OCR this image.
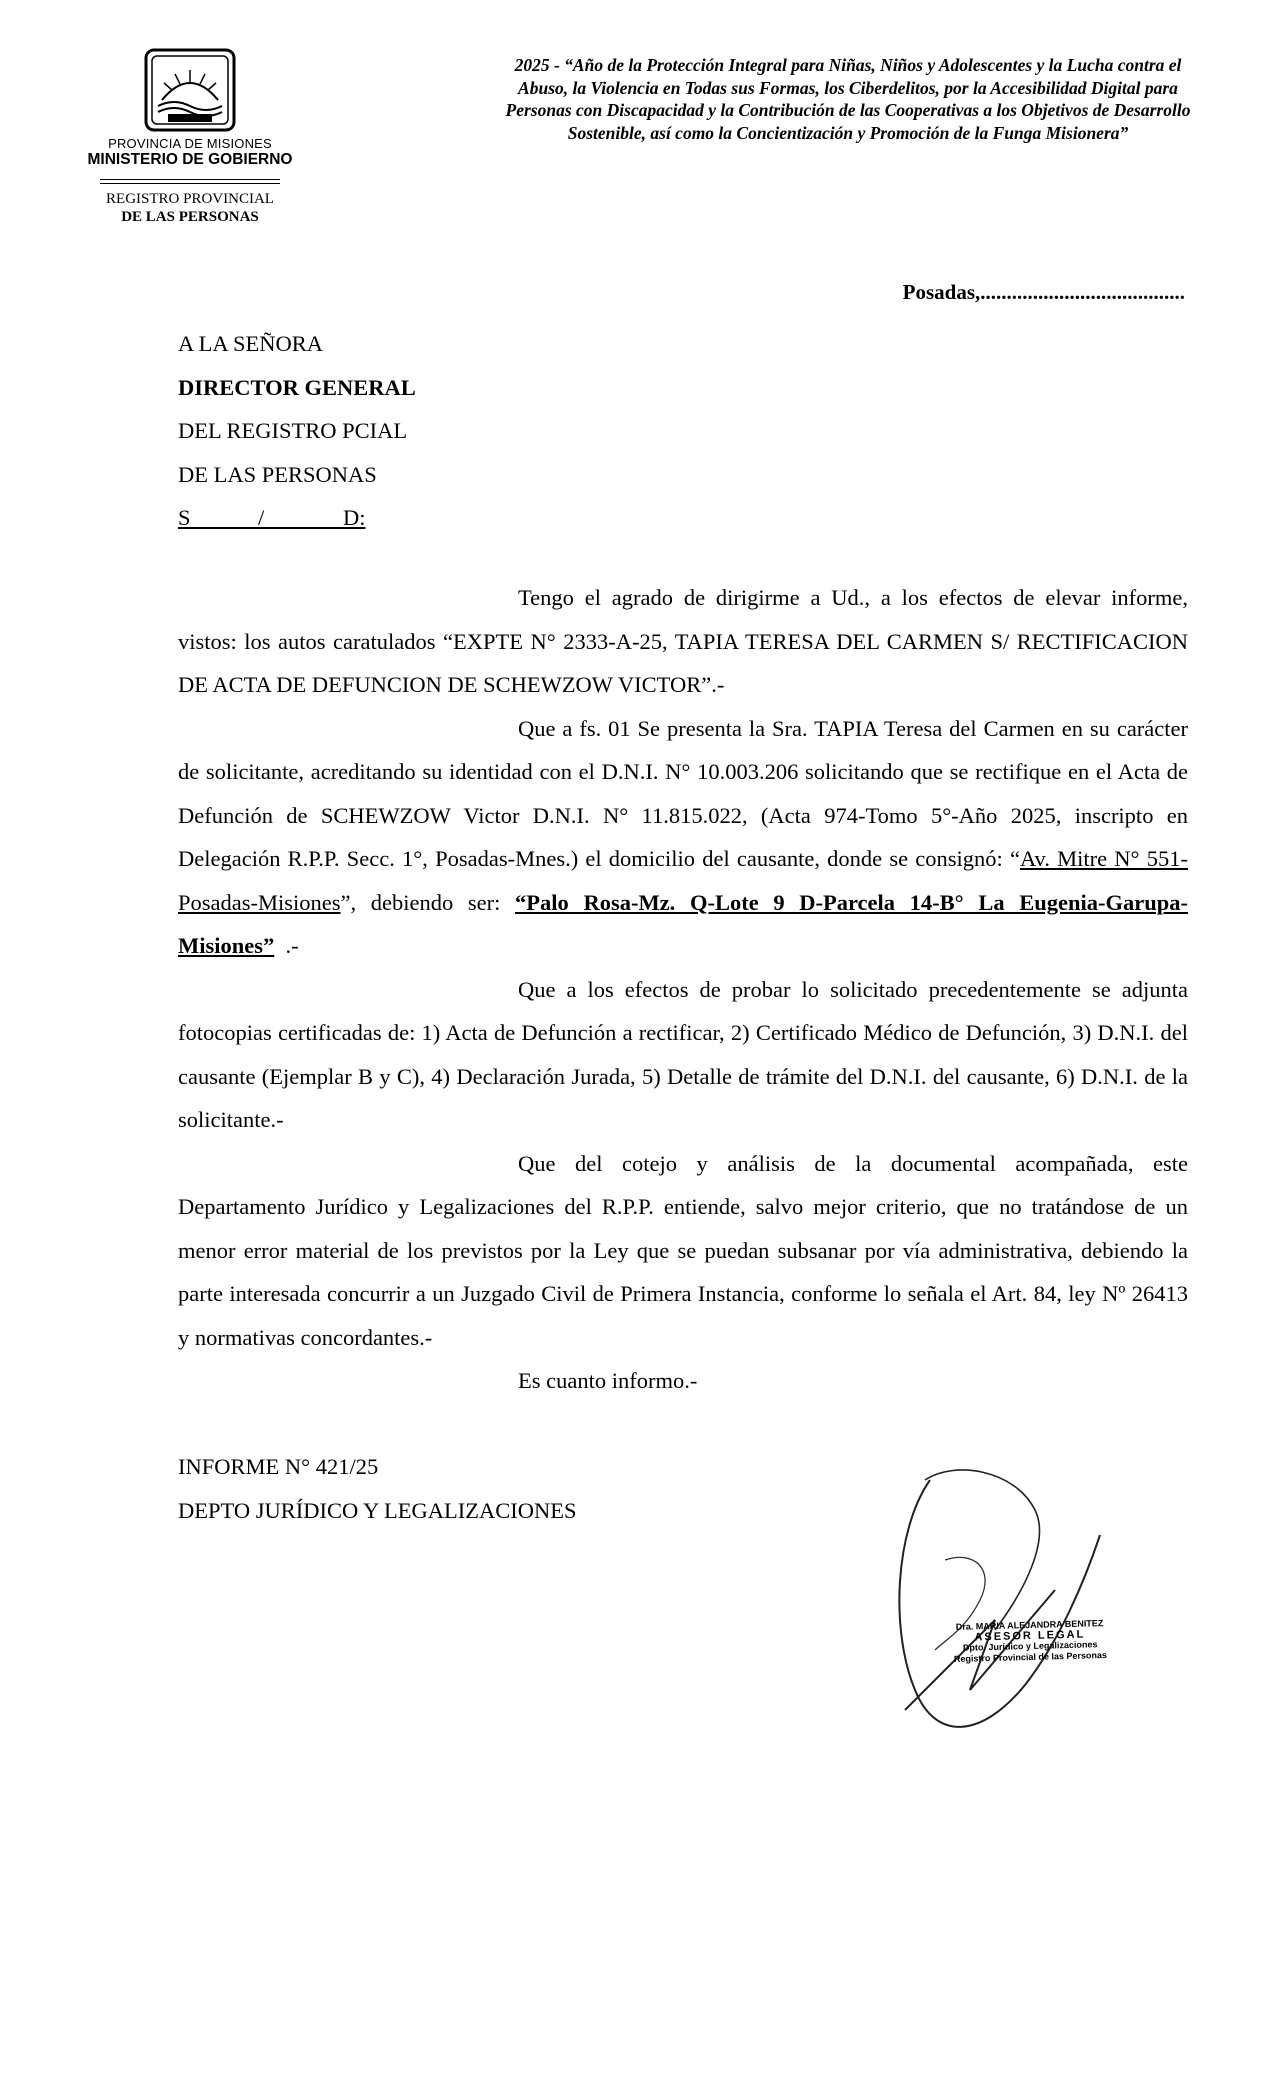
PROVINCIA DE MISIONES
MINISTERIO DE GOBIERNO
REGISTRO PROVINCIAL
DE LAS PERSONAS
2025 - “Año de la Protección Integral para Niñas, Niños y Adolescentes y la Lucha contra el Abuso, la Violencia en Todas sus Formas, los Ciberdelitos, por la Accesibilidad Digital para Personas con Discapacidad y la Contribución de las Cooperativas a los Objetivos de Desarrollo Sostenible, así como la Concientización y Promoción de la Funga Misionera”
Posadas,.......................................
A LA SEÑORA
DIRECTOR GENERAL
DEL REGISTRO PCIAL
DE LAS PERSONAS
S            /              D:

Tengo el agrado de dirigirme a Ud., a los efectos de elevar informe, vistos: los autos caratulados “EXPTE N° 2333-A-25, TAPIA TERESA DEL CARMEN S/ RECTIFICACION DE ACTA DE DEFUNCION DE SCHEWZOW VICTOR”.-

Que a fs. 01 Se presenta la Sra. TAPIA Teresa del Carmen en su carácter de solicitante, acreditando su identidad con el D.N.I. N° 10.003.206 solicitando que se rectifique en el Acta de Defunción de SCHEWZOW Victor D.N.I. N° 11.815.022, (Acta 974-Tomo 5°-Año 2025, inscripto en Delegación R.P.P. Secc. 1°, Posadas-Mnes.) el domicilio del causante, donde se consignó: “Av. Mitre N° 551-Posadas-Misiones”, debiendo ser: “Palo Rosa-Mz. Q-Lote 9 D-Parcela 14-B° La Eugenia-Garupa-Misiones”  .-

Que a los efectos de probar lo solicitado precedentemente se adjunta fotocopias certificadas de: 1) Acta de Defunción a rectificar, 2) Certificado Médico de Defunción, 3) D.N.I. del causante (Ejemplar B y C), 4) Declaración Jurada, 5) Detalle de trámite del D.N.I. del causante, 6) D.N.I. de la solicitante.-

Que del cotejo y análisis de la documental acompañada, este Departamento Jurídico y Legalizaciones del R.P.P. entiende, salvo mejor criterio, que no tratándose de un menor error material de los previstos por la Ley que se puedan subsanar por vía administrativa, debiendo la parte interesada concurrir a un Juzgado Civil de Primera Instancia, conforme lo señala el Art. 84, ley Nº 26413 y normativas concordantes.-

Es cuanto informo.-

INFORME N° 421/25
DEPTO JURÍDICO Y LEGALIZACIONES
Dra. MARIA ALEJANDRA BENITEZ
ASESOR LEGAL
Dpto. Jurídico y Legalizaciones
Registro Provincial de las Personas
